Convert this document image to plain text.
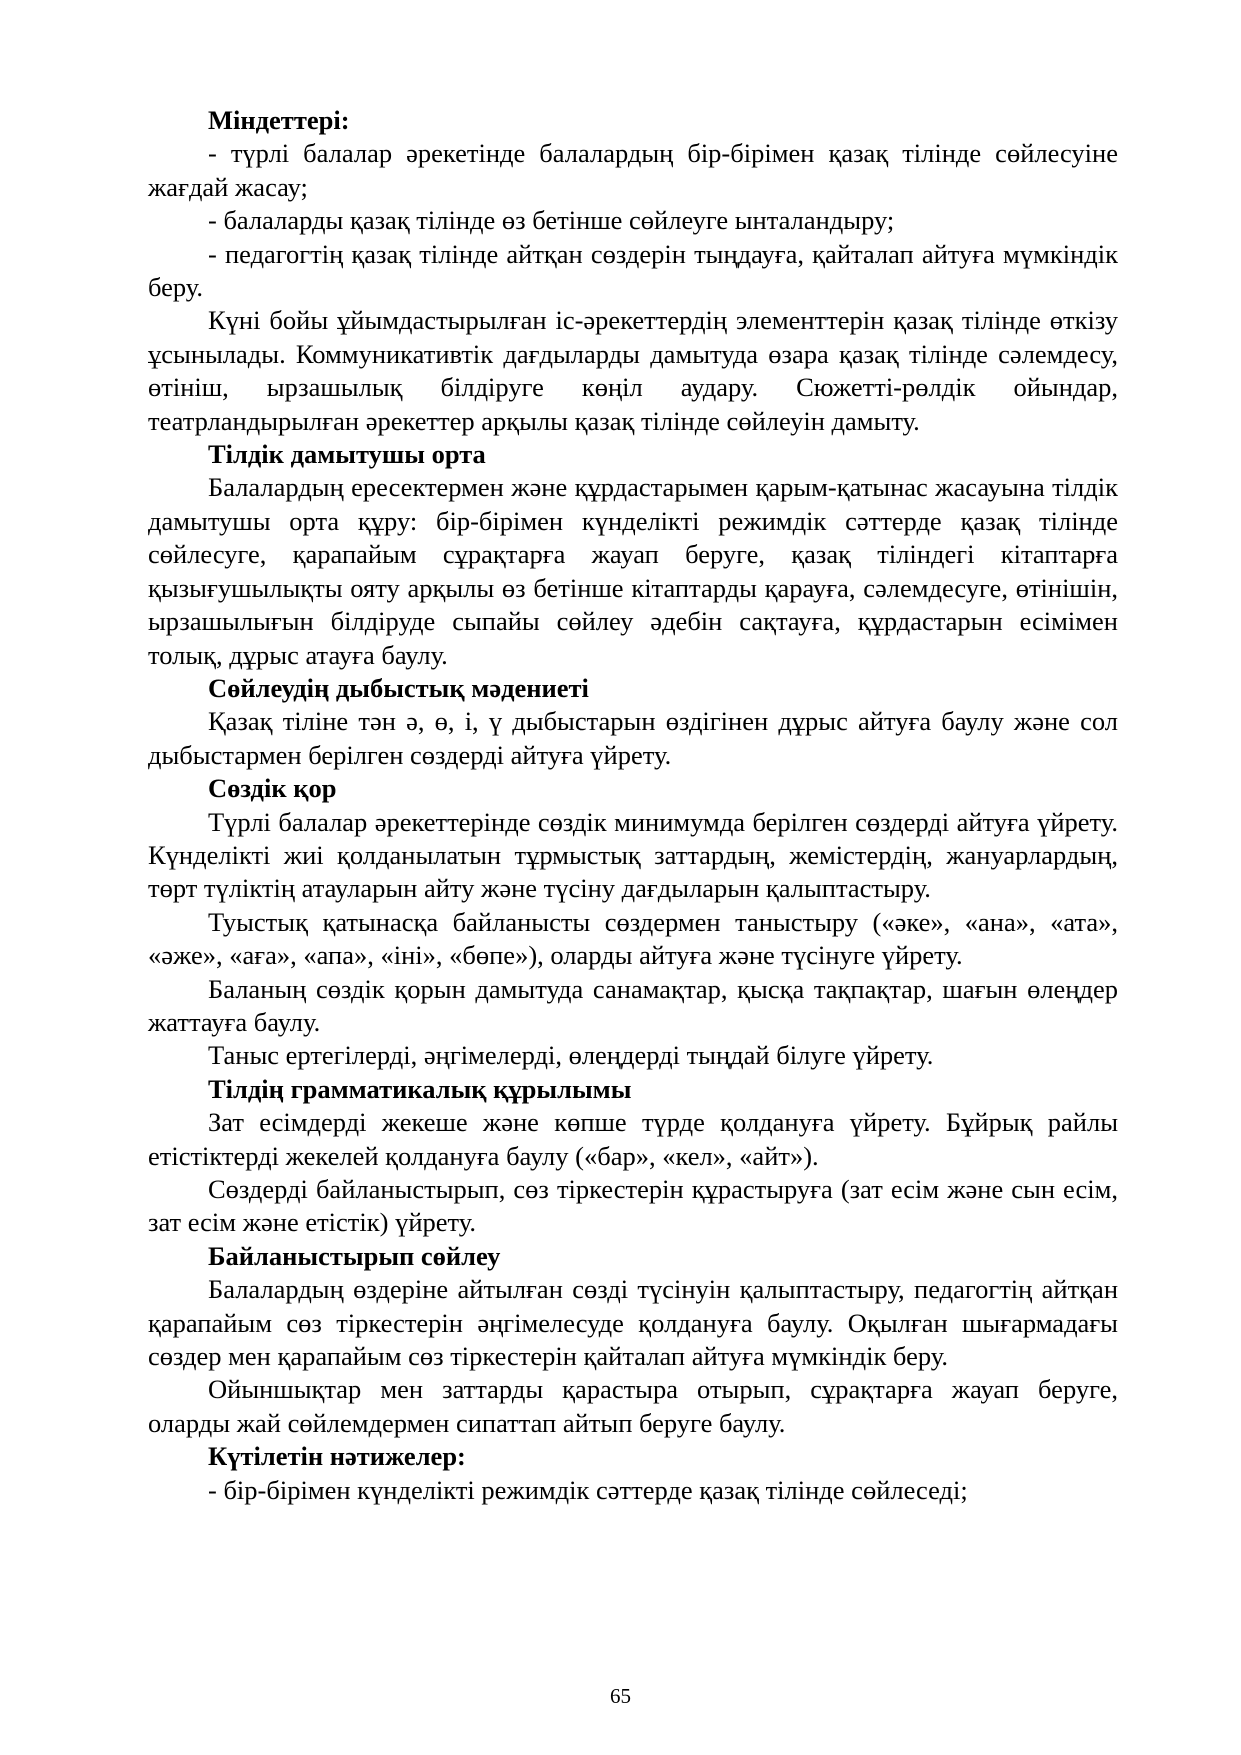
Міндеттері:

- түрлі балалар әрекетінде балалардың бір-бірімен қазақ тілінде сөйлесуіне жағдай жасау;

- балаларды қазақ тілінде өз бетінше сөйлеуге ынталандыру;

- педагогтің қазақ тілінде айтқан сөздерін тыңдауға, қайталап айтуға мүмкіндік беру.

Күні бойы ұйымдастырылған іс-әрекеттердің элементтерін қазақ тілінде өткізу ұсынылады. Коммуникативтік дағдыларды дамытуда өзара қазақ тілінде сәлемдесу, өтініш, ырзашылық білдіруге көңіл аудару. Сюжетті-рөлдік ойындар, театрландырылған әрекеттер арқылы қазақ тілінде сөйлеуін дамыту.

Тілдік дамытушы орта

Балалардың ересектермен және құрдастарымен қарым-қатынас жасауына тілдік дамытушы орта құру: бір-бірімен күнделікті режимдік сәттерде қазақ тілінде сөйлесуге, қарапайым сұрақтарға жауап беруге, қазақ тіліндегі кітаптарға қызығушылықты ояту арқылы өз бетінше кітаптарды қарауға, сәлемдесуге, өтінішін, ырзашылығын білдіруде сыпайы сөйлеу әдебін сақтауға, құрдастарын есімімен толық, дұрыс атауға баулу.

Сөйлеудің дыбыстық мәдениеті

Қазақ тіліне тән ә, ө, і, ү дыбыстарын өздігінен дұрыс айтуға баулу және сол дыбыстармен берілген сөздерді айтуға үйрету.

Сөздік қор

Түрлі балалар әрекеттерінде сөздік минимумда берілген сөздерді айтуға үйрету. Күнделікті жиі қолданылатын тұрмыстық заттардың, жемістердің, жануарлардың, төрт түліктің атауларын айту және түсіну дағдыларын қалыптастыру.

Туыстық қатынасқа байланысты сөздермен таныстыру («әке», «ана», «ата», «әже», «аға», «апа», «іні», «бөпе»), оларды айтуға және түсінуге үйрету.

Баланың сөздік қорын дамытуда санамақтар, қысқа тақпақтар, шағын өлеңдер жаттауға баулу.

Таныс ертегілерді, әңгімелерді, өлеңдерді тыңдай білуге үйрету.

Тілдің грамматикалық құрылымы

Зат есімдерді жекеше және көпше түрде қолдануға үйрету. Бұйрық райлы етістіктерді жекелей қолдануға баулу («бар», «кел», «айт»).

Сөздерді байланыстырып, сөз тіркестерін құрастыруға (зат есім және сын есім, зат есім және етістік) үйрету.

Байланыстырып сөйлеу

Балалардың өздеріне айтылған сөзді түсінуін қалыптастыру, педагогтің айтқан қарапайым сөз тіркестерін әңгімелесуде қолдануға баулу. Оқылған шығармадағы сөздер мен қарапайым сөз тіркестерін қайталап айтуға мүмкіндік беру.

Ойыншықтар мен заттарды қарастыра отырып, сұрақтарға жауап беруге, оларды жай сөйлемдермен сипаттап айтып беруге баулу.

Күтілетін нәтижелер:

- бір-бірімен күнделікті режимдік сәттерде қазақ тілінде сөйлеседі;

65
